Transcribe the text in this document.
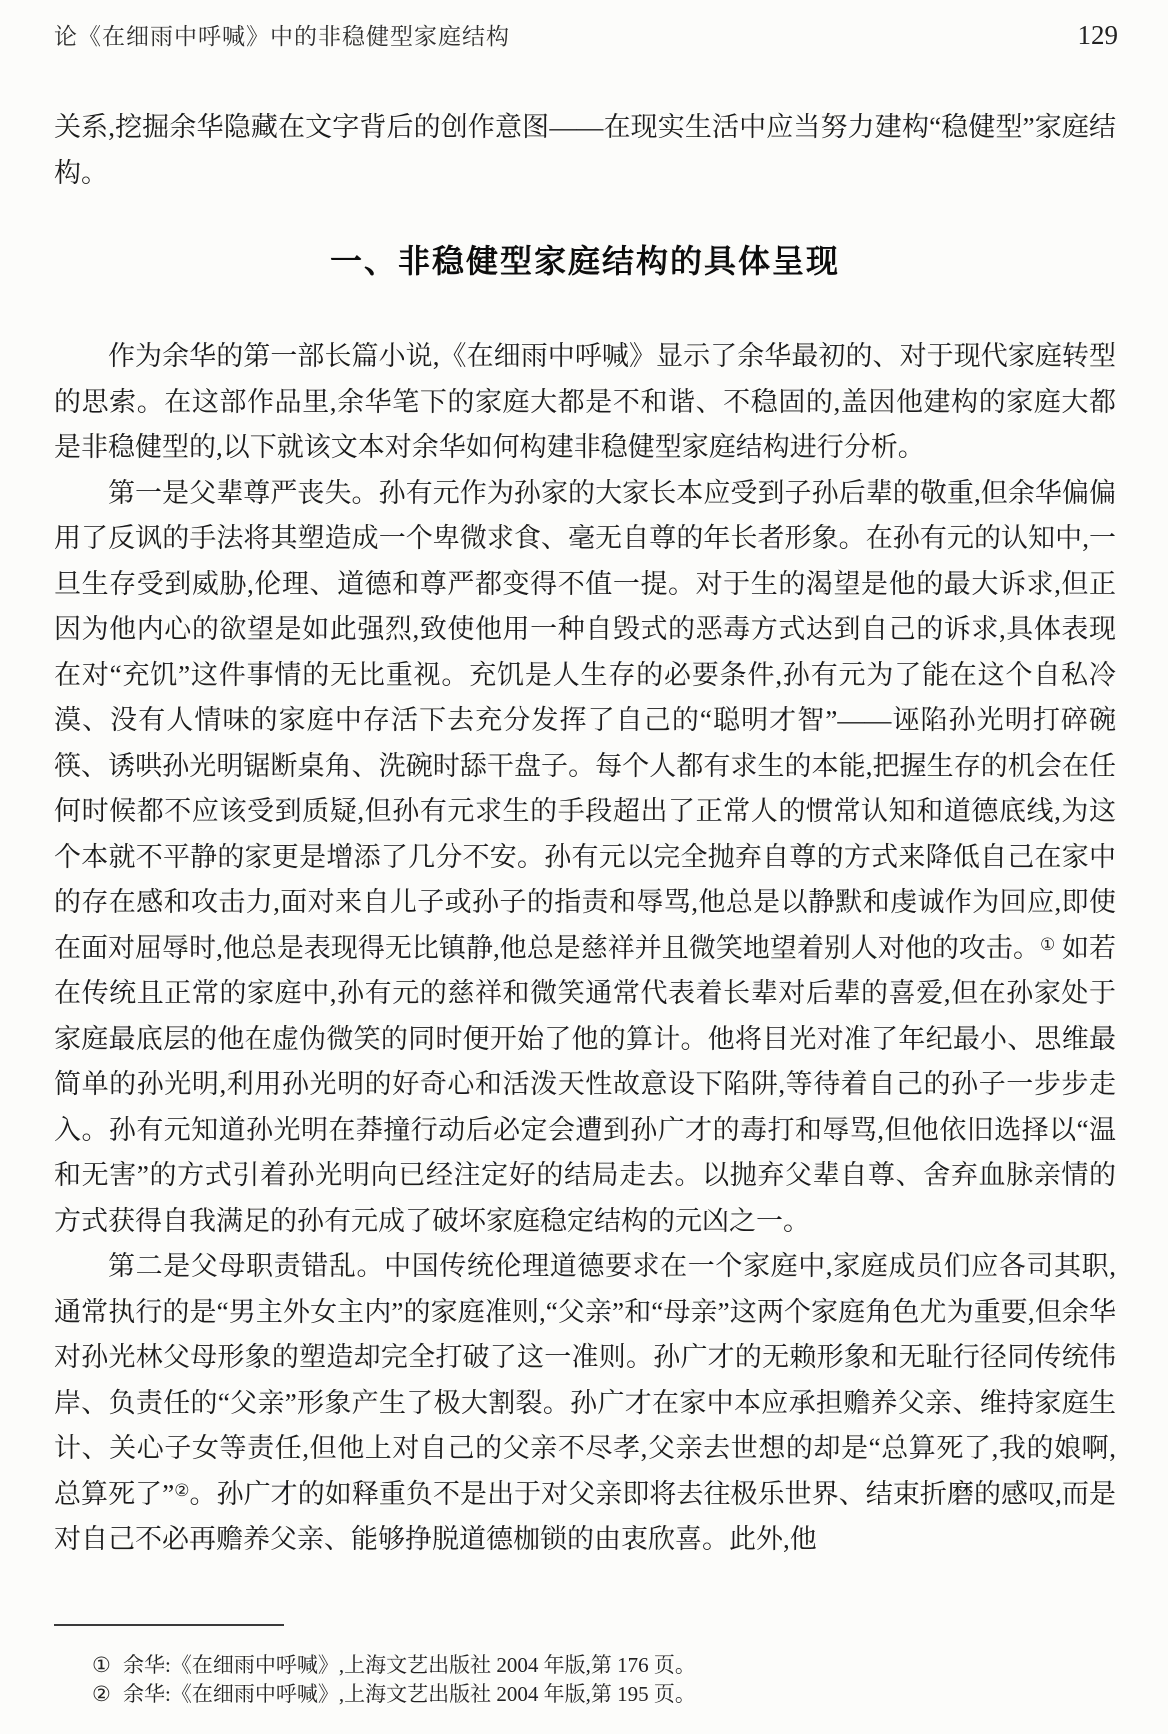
论《在细雨中呼喊》中的非稳健型家庭结构	129
关系,挖掘余华隐藏在文字背后的创作意图——在现实生活中应当努力建构“稳健型”家庭结构。
一、非稳健型家庭结构的具体呈现

作为余华的第一部长篇小说,《在细雨中呼喊》显示了余华最初的、对于现代家庭转型的思索。在这部作品里,余华笔下的家庭大都是不和谐、不稳固的,盖因他建构的家庭大都是非稳健型的,以下就该文本对余华如何构建非稳健型家庭结构进行分析。

第一是父辈尊严丧失。孙有元作为孙家的大家长本应受到子孙后辈的敬重,但余华偏偏用了反讽的手法将其塑造成一个卑微求食、毫无自尊的年长者形象。在孙有元的认知中,一旦生存受到威胁,伦理、道德和尊严都变得不值一提。对于生的渴望是他的最大诉求,但正因为他内心的欲望是如此强烈,致使他用一种自毁式的恶毒方式达到自己的诉求,具体表现在对“充饥”这件事情的无比重视。充饥是人生存的必要条件,孙有元为了能在这个自私冷漠、没有人情味的家庭中存活下去充分发挥了自己的“聪明才智”——诬陷孙光明打碎碗筷、诱哄孙光明锯断桌角、洗碗时舔干盘子。每个人都有求生的本能,把握生存的机会在任何时候都不应该受到质疑,但孙有元求生的手段超出了正常人的惯常认知和道德底线,为这个本就不平静的家更是增添了几分不安。孙有元以完全抛弃自尊的方式来降低自己在家中的存在感和攻击力,面对来自儿子或孙子的指责和辱骂,他总是以静默和虔诚作为回应,即使在面对屈辱时,他总是表现得无比镇静,他总是慈祥并且微笑地望着别人对他的攻击。① 如若在传统且正常的家庭中,孙有元的慈祥和微笑通常代表着长辈对后辈的喜爱,但在孙家处于家庭最底层的他在虚伪微笑的同时便开始了他的算计。他将目光对准了年纪最小、思维最简单的孙光明,利用孙光明的好奇心和活泼天性故意设下陷阱,等待着自己的孙子一步步走入。孙有元知道孙光明在莽撞行动后必定会遭到孙广才的毒打和辱骂,但他依旧选择以“温和无害”的方式引着孙光明向已经注定好的结局走去。以抛弃父辈自尊、舍弃血脉亲情的方式获得自我满足的孙有元成了破坏家庭稳定结构的元凶之一。

第二是父母职责错乱。中国传统伦理道德要求在一个家庭中,家庭成员们应各司其职,通常执行的是“男主外女主内”的家庭准则,“父亲”和“母亲”这两个家庭角色尤为重要,但余华对孙光林父母形象的塑造却完全打破了这一准则。孙广才的无赖形象和无耻行径同传统伟岸、负责任的“父亲”形象产生了极大割裂。孙广才在家中本应承担赡养父亲、维持家庭生计、关心子女等责任,但他上对自己的父亲不尽孝,父亲去世想的却是“总算死了,我的娘啊,总算死了”②。孙广才的如释重负不是出于对父亲即将去往极乐世界、结束折磨的感叹,而是对自己不必再赡养父亲、能够挣脱道德枷锁的由衷欣喜。此外,他

① 余华:《在细雨中呼喊》,上海文艺出版社 2004 年版,第 176 页。
② 余华:《在细雨中呼喊》,上海文艺出版社 2004 年版,第 195 页。
